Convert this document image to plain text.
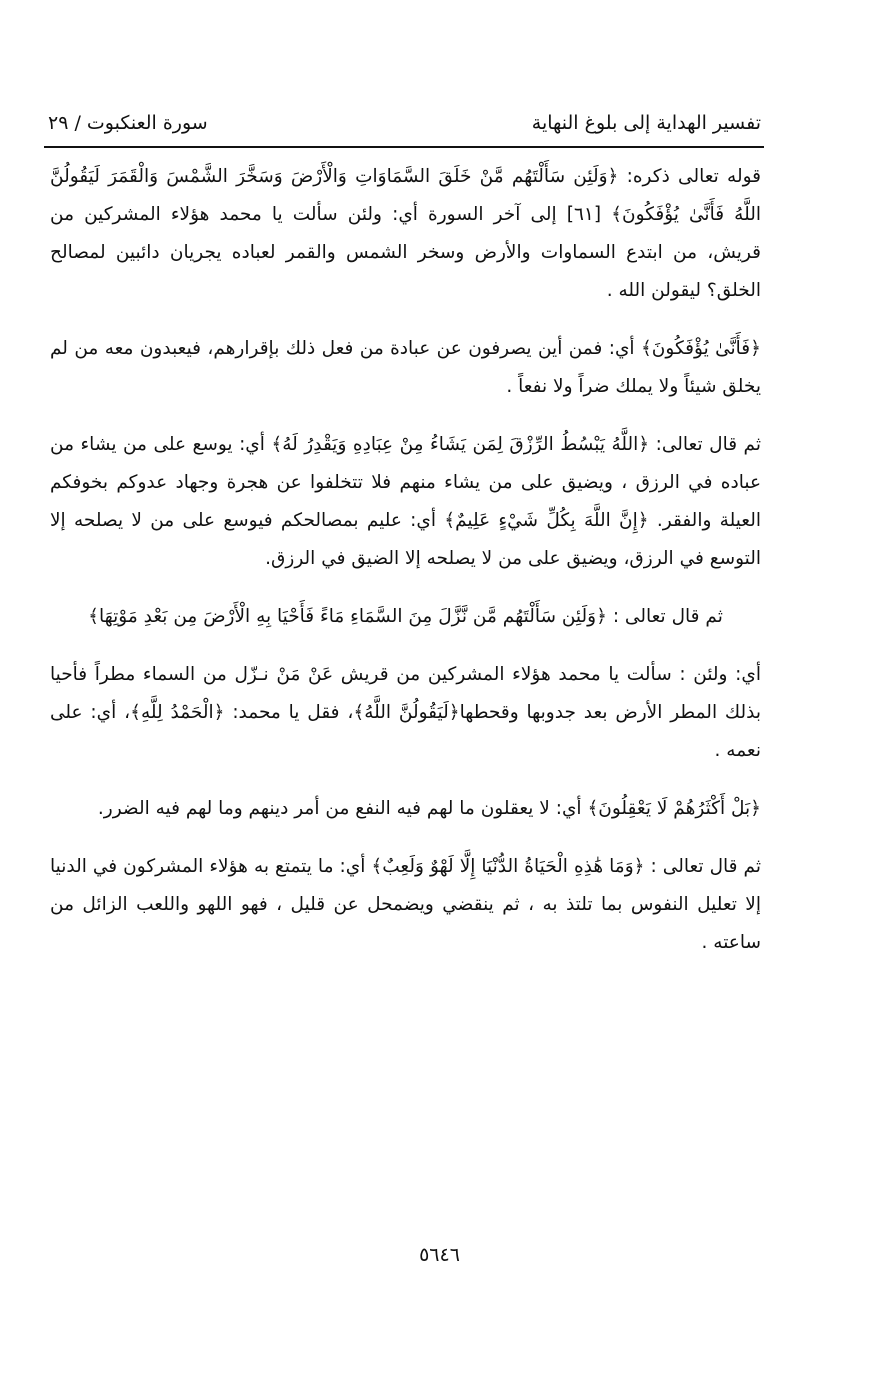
تفسير الهداية إلى بلوغ النهاية
سورة العنكبوت / ٢٩

قوله تعالى ذكره: ﴿وَلَئِن سَأَلْتَهُم مَّنْ خَلَقَ السَّمَاوَاتِ وَالْأَرْضَ وَسَخَّرَ الشَّمْسَ وَالْقَمَرَ لَيَقُولُنَّ اللَّهُ فَأَنَّىٰ يُؤْفَكُونَ﴾ [٦١] إلى آخر السورة أي: ولئن سألت يا محمد هؤلاء المشركين من قريش، من ابتدع السماوات والأرض وسخر الشمس والقمر لعباده يجريان دائبين لمصالح الخلق؟ ليقولن الله .

﴿فَأَنَّىٰ يُؤْفَكُونَ﴾ أي: فمن أين يصرفون عن عبادة من فعل ذلك بإقرارهم، فيعبدون معه من لم يخلق شيئاً ولا يملك ضراً ولا نفعاً .

ثم قال تعالى: ﴿اللَّهُ يَبْسُطُ الرِّزْقَ لِمَن يَشَاءُ مِنْ عِبَادِهِ وَيَقْدِرُ لَهُ﴾ أي: يوسع على من يشاء من عباده في الرزق ، ويضيق على من يشاء منهم فلا تتخلفوا عن هجرة وجهاد عدوكم بخوفكم العيلة والفقر. ﴿إِنَّ اللَّهَ بِكُلِّ شَيْءٍ عَلِيمٌ﴾ أي: عليم بمصالحكم فيوسع على من لا يصلحه إلا التوسع في الرزق، ويضيق على من لا يصلحه إلا الضيق في الرزق.

ثم قال تعالى : ﴿وَلَئِن سَأَلْتَهُم مَّن نَّزَّلَ مِنَ السَّمَاءِ مَاءً فَأَحْيَا بِهِ الْأَرْضَ مِن بَعْدِ مَوْتِهَا﴾

أي: ولئن : سألت يا محمد هؤلاء المشركين من قريش عَنْ مَنْ نـزّل من السماء مطراً فأحيا بذلك المطر الأرض بعد جدوبها وقحطها﴿لَيَقُولُنَّ اللَّهُ﴾، فقل يا محمد: ﴿الْحَمْدُ لِلَّهِ﴾، أي: على نعمه .

﴿بَلْ أَكْثَرُهُمْ لَا يَعْقِلُونَ﴾ أي: لا يعقلون ما لهم فيه النفع من أمر دينهم وما لهم فيه الضرر.

ثم قال تعالى : ﴿وَمَا هَٰذِهِ الْحَيَاةُ الدُّنْيَا إِلَّا لَهْوٌ وَلَعِبٌ﴾ أي: ما يتمتع به هؤلاء المشركون في الدنيا إلا تعليل النفوس بما تلتذ به ، ثم ينقضي ويضمحل عن قليل ، فهو اللهو واللعب الزائل من ساعته .

٥٦٤٦
